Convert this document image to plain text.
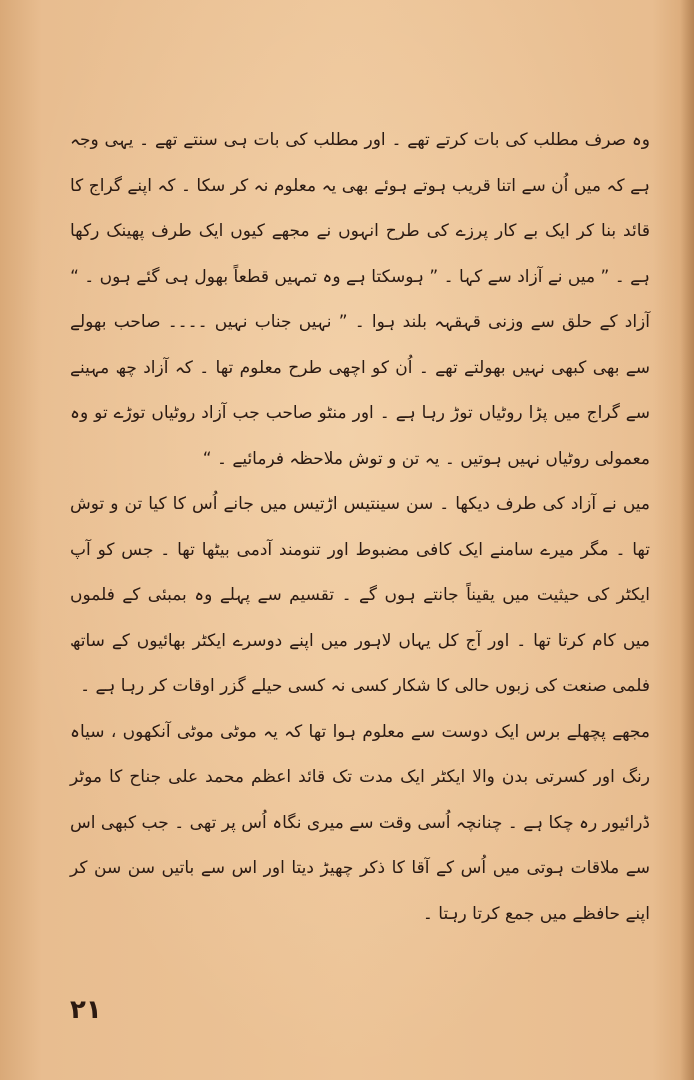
وہ صرف مطلب کی بات کرتے تھے ۔ اور مطلب کی بات ہی سنتے تھے ۔ یہی وجہ ہے کہ میں اُن سے اتنا قریب ہوتے ہوئے بھی یہ معلوم نہ کر سکا ۔ کہ اپنے گراج کا قائد بنا کر ایک بے کار پرزے کی طرح انہوں نے مجھے کیوں ایک طرف پھینک رکھا ہے ۔ ” میں نے آزاد سے کہا ۔ ” ہوسکتا ہے وہ تمہیں قطعاً بھول ہی گئے ہوں ۔ “

آزاد کے حلق سے وزنی قہقہہ بلند ہوا ۔ ” نہیں جناب نہیں ۔۔۔۔ صاحب بھولے سے بھی کبھی نہیں بھولتے تھے ۔ اُن کو اچھی طرح معلوم تھا ۔ کہ آزاد چھ مہینے سے گراج میں پڑا روٹیاں توڑ رہا ہے ۔ اور منٹو صاحب جب آزاد روٹیاں توڑے تو وہ معمولی روٹیاں نہیں ہوتیں ۔ یہ تن و توش ملاحظہ فرمائیے ۔ “

میں نے آزاد کی طرف دیکھا ۔ سن سینتیس اڑتیس میں جانے اُس کا کیا تن و توش تھا ۔ مگر میرے سامنے ایک کافی مضبوط اور تنومند آدمی بیٹھا تھا ۔ جس کو آپ ایکٹر کی حیثیت میں یقیناً جانتے ہوں گے ۔ تقسیم سے پہلے وہ بمبئی کے فلموں میں کام کرتا تھا ۔ اور آج کل یہاں لاہور میں اپنے دوسرے ایکٹر بھائیوں کے ساتھ فلمی صنعت کی زبوں حالی کا شکار کسی نہ کسی حیلے گزر اوقات کر رہا ہے ۔

مجھے پچھلے برس ایک دوست سے معلوم ہوا تھا کہ یہ موٹی موٹی آنکھوں ، سیاہ رنگ اور کسرتی بدن والا ایکٹر ایک مدت تک قائد اعظم محمد علی جناح کا موٹر ڈرائیور رہ چکا ہے ۔ چنانچہ اُسی وقت سے میری نگاہ اُس پر تھی ۔ جب کبھی اس سے ملاقات ہوتی میں اُس کے آقا کا ذکر چھیڑ دیتا اور اس سے باتیں سن سن کر اپنے حافظے میں جمع کرتا رہتا ۔

۲۱
